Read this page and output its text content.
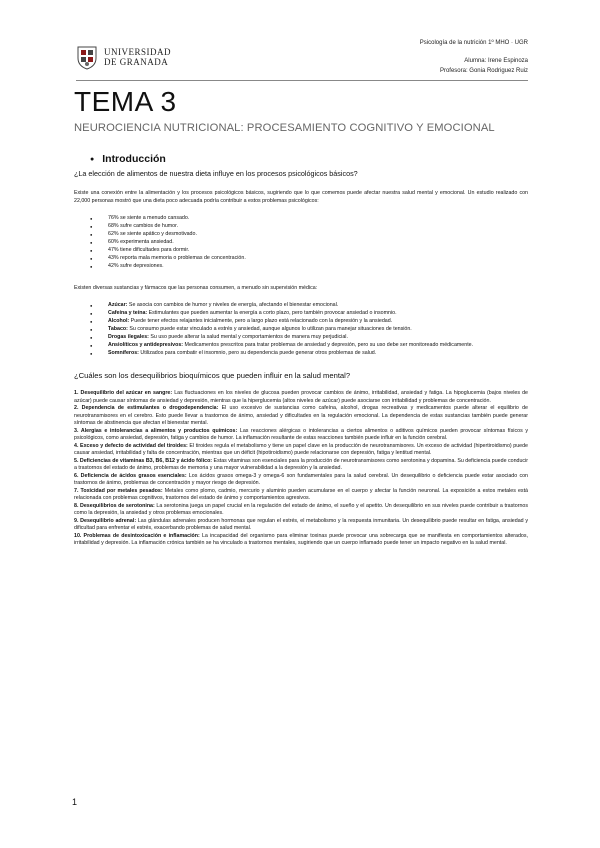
UNIVERSIDAD
DE GRANADA
Psicología de la nutrición 1º MHO · UGR
Alumna: Irene Espinoza
Profesora: Gonia Rodriguez Ruiz
TEMA 3
NEUROCIENCIA NUTRICIONAL: PROCESAMIENTO COGNITIVO Y EMOCIONAL
● Introducción
¿La elección de alimentos de nuestra dieta influye en los procesos psicológicos básicos?

Existe una conexión entre la alimentación y los procesos psicológicos básicos, sugiriendo que lo que comemos puede afectar nuestra salud mental y emocional. Un estudio realizado con 22,000 personas mostró que una dieta poco adecuada podría contribuir a estos problemas psicológicos:

● 76% se siente a menudo cansado.
● 68% sufre cambios de humor.
● 62% se siente apático y desmotivado.
● 60% experimenta ansiedad.
● 47% tiene dificultades para dormir.
● 43% reporta mala memoria o problemas de concentración.
● 42% sufre depresiones.

Existen diversas sustancias y fármacos que las personas consumen, a menudo sin supervisión médica:

● Azúcar: Se asocia con cambios de humor y niveles de energía, afectando el bienestar emocional.
● Cafeína y teína: Estimulantes que pueden aumentar la energía a corto plazo, pero también provocar ansiedad o insomnio.
● Alcohol: Puede tener efectos relajantes inicialmente, pero a largo plazo está relacionado con la depresión y la ansiedad.
● Tabaco: Su consumo puede estar vinculado a estrés y ansiedad, aunque algunos lo utilizan para manejar situaciones de tensión.
● Drogas ilegales: Su uso puede alterar la salud mental y comportamientos de manera muy perjudicial.
● Ansiolíticos y antidepresivos: Medicamentos prescritos para tratar problemas de ansiedad y depresión, pero su uso debe ser monitoreado médicamente.
● Somníferos: Utilizados para combatir el insomnio, pero su dependencia puede generar otros problemas de salud.
¿Cuáles son los desequilibrios bioquímicos que pueden influir en la salud mental?
1. Desequilibrio del azúcar en sangre: Las fluctuaciones en los niveles de glucosa pueden provocar cambios de ánimo, irritabilidad, ansiedad y fatiga. La hipoglucemia (bajos niveles de azúcar) puede causar síntomas de ansiedad y depresión, mientras que la hiperglucemia (altos niveles de azúcar) puede asociarse con irritabilidad y problemas de concentración.
2. Dependencia de estimulantes o drogodependencia: El uso excesivo de sustancias como cafeína, alcohol, drogas recreativas y medicamentos puede alterar el equilibrio de neurotransmisores en el cerebro. Esto puede llevar a trastornos de ánimo, ansiedad y dificultades en la regulación emocional. La dependencia de estas sustancias también puede generar síntomas de abstinencia que afectan el bienestar mental.
3. Alergias e intolerancias a alimentos y productos químicos: Las reacciones alérgicas o intolerancias a ciertos alimentos o aditivos químicos pueden provocar síntomas físicos y psicológicos, como ansiedad, depresión, fatiga y cambios de humor. La inflamación resultante de estas reacciones también puede influir en la función cerebral.
4. Exceso y defecto de actividad del tiroides: El tiroides regula el metabolismo y tiene un papel clave en la producción de neurotransmisores. Un exceso de actividad (hipertiroidismo) puede causar ansiedad, irritabilidad y falta de concentración, mientras que un déficit (hipotiroidismo) puede relacionarse con depresión, fatiga y lentitud mental.
5. Deficiencias de vitaminas B3, B6, B12 y ácido fólico: Estas vitaminas son esenciales para la producción de neurotransmisores como serotonina y dopamina. Su deficiencia puede conducir a trastornos del estado de ánimo, problemas de memoria y una mayor vulnerabilidad a la depresión y la ansiedad.
6. Deficiencia de ácidos grasos esenciales: Los ácidos grasos omega-3 y omega-6 son fundamentales para la salud cerebral. Un desequilibrio o deficiencia puede estar asociado con trastornos de ánimo, problemas de concentración y mayor riesgo de depresión.
7. Toxicidad por metales pesados: Metales como plomo, cadmio, mercurio y aluminio pueden acumularse en el cuerpo y afectar la función neuronal. La exposición a estos metales está relacionada con problemas cognitivos, trastornos del estado de ánimo y comportamientos agresivos.
8. Desequilibrios de serotonina: La serotonina juega un papel crucial en la regulación del estado de ánimo, el sueño y el apetito. Un desequilibrio en sus niveles puede contribuir a trastornos como la depresión, la ansiedad y otros problemas emocionales.
9. Desequilibrio adrenal: Las glándulas adrenales producen hormonas que regulan el estrés, el metabolismo y la respuesta inmunitaria. Un desequilibrio puede resultar en fatiga, ansiedad y dificultad para enfrentar el estrés, exacerbando problemas de salud mental.
10. Problemas de desintoxicación e inflamación: La incapacidad del organismo para eliminar toxinas puede provocar una sobrecarga que se manifiesta en comportamientos alterados, irritabilidad y depresión. La inflamación crónica también se ha vinculado a trastornos mentales, sugiriendo que un cuerpo inflamado puede tener un impacto negativo en la salud mental.
1
